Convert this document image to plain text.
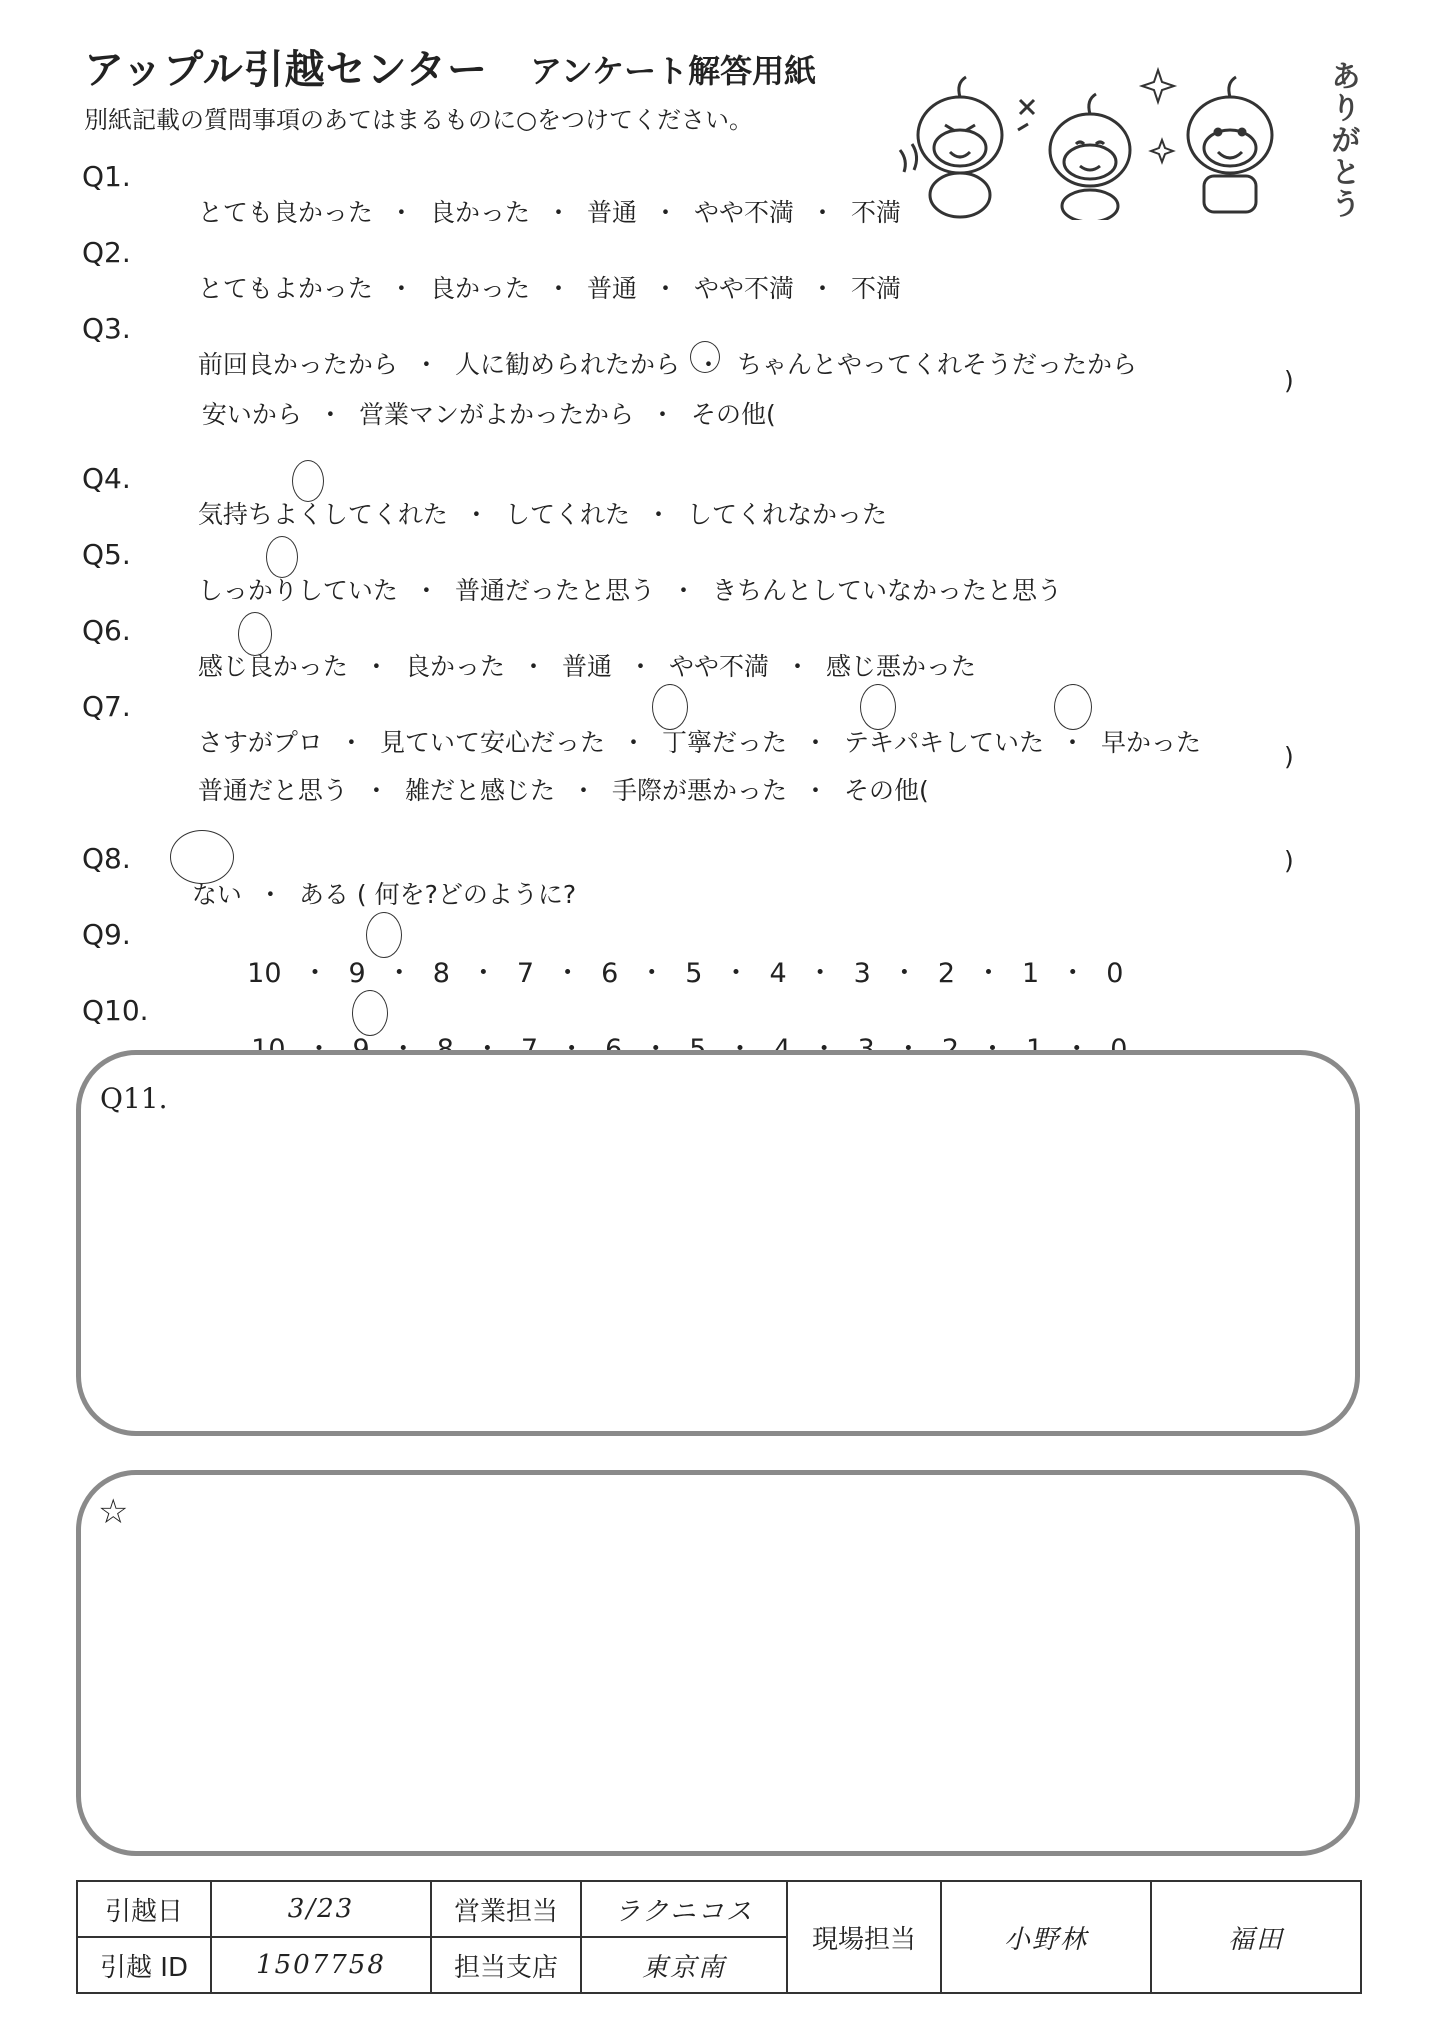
アップル引越センター アンケート解答用紙
別紙記載の質問事項のあてはまるものに○をつけてください。	ありがとう
Q1.

とても良かった ・ 良かった ・ 普通 ・ やや不満 ・ 不満

Q2.

とてもよかった ・ 良かった ・ 普通 ・ やや不満 ・ 不満

Q3.

前回良かったから ・ 人に勧められたから ・ ちゃんとやってくれそうだったから

安いから ・ 営業マンがよかったから ・ その他(

)
Q4.

気持ちよくしてくれた ・ してくれた ・ してくれなかった

Q5.

しっかりしていた ・ 普通だったと思う ・ きちんとしていなかったと思う

Q6.

感じ良かった ・ 良かった ・ 普通 ・ やや不満 ・ 感じ悪かった

Q7.

さすがプロ ・ 見ていて安心だった ・ 丁寧だった ・ テキパキしていた ・ 早かった

普通だと思う ・ 雑だと感じた ・ 手際が悪かった ・ その他(

)
Q8.

ない ・ ある ( 何を?どのように?

)
Q9.

10 ・ 9 ・ 8 ・ 7 ・ 6 ・ 5 ・ 4 ・ 3 ・ 2 ・ 1 ・ 0

Q10.

Q11.
☆
引越日	3/23	営業担当	ラクニコス	現場担当	小野林	福田
引越 ID	1507758	担当支店	東京南			
